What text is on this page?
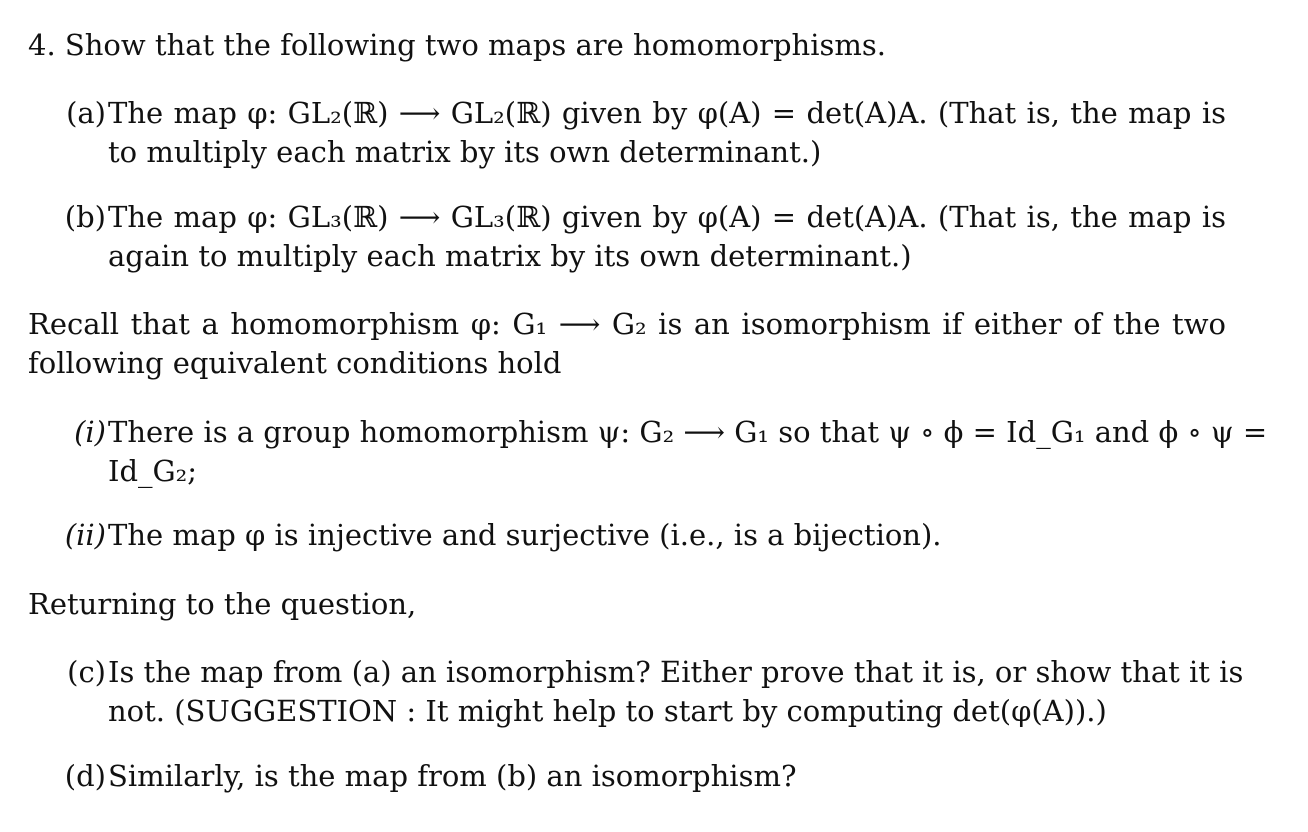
4. Show that the following two maps are homomorphisms.
(a) The map φ: GL₂(ℝ) ⟶ GL₂(ℝ) given by φ(A) = det(A)A. (That is, the map is
to multiply each matrix by its own determinant.)
(b) The map φ: GL₃(ℝ) ⟶ GL₃(ℝ) given by φ(A) = det(A)A. (That is, the map is
again to multiply each matrix by its own determinant.)
Recall that a homomorphism φ: G₁ ⟶ G₂ is an isomorphism if either of the two
following equivalent conditions hold
(i) There is a group homomorphism ψ: G₂ ⟶ G₁ so that ψ ∘ ϕ = Id_G₁ and ϕ ∘ ψ =
Id_G₂;
(ii) The map φ is injective and surjective (i.e., is a bijection).
Returning to the question,
(c) Is the map from (a) an isomorphism? Either prove that it is, or show that it is
not. (SUGGESTION : It might help to start by computing det(φ(A)).)
(d) Similarly, is the map from (b) an isomorphism?
